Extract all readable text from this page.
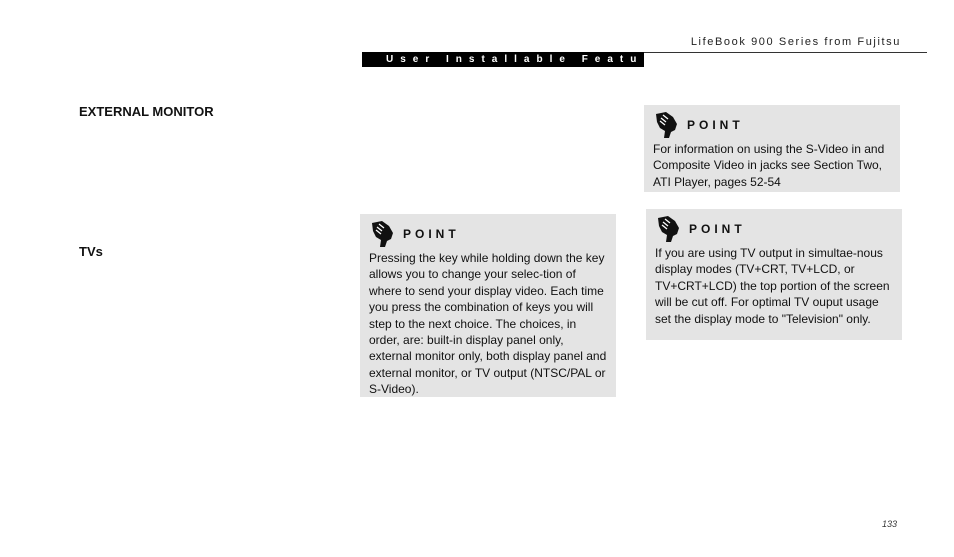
LifeBook 900 Series from Fujitsu
User Installable Features
EXTERNAL MONITOR
TVs
POINT
Pressing the key while holding down the key allows you to change your selec-tion of where to send your display video. Each time you press the combination of keys you will step to the next choice. The choices, in order, are: built-in display panel only, external monitor only, both display panel and external monitor, or TV output (NTSC/PAL or S-Video).
POINT
For information on using the S-Video in and Composite Video in jacks see Section Two, ATI Player, pages 52-54
POINT
If you are using TV output in simultae-nous display modes (TV+CRT, TV+LCD, or TV+CRT+LCD) the top portion of the screen will be cut off. For optimal TV ouput usage set the display mode to "Television" only.
133
